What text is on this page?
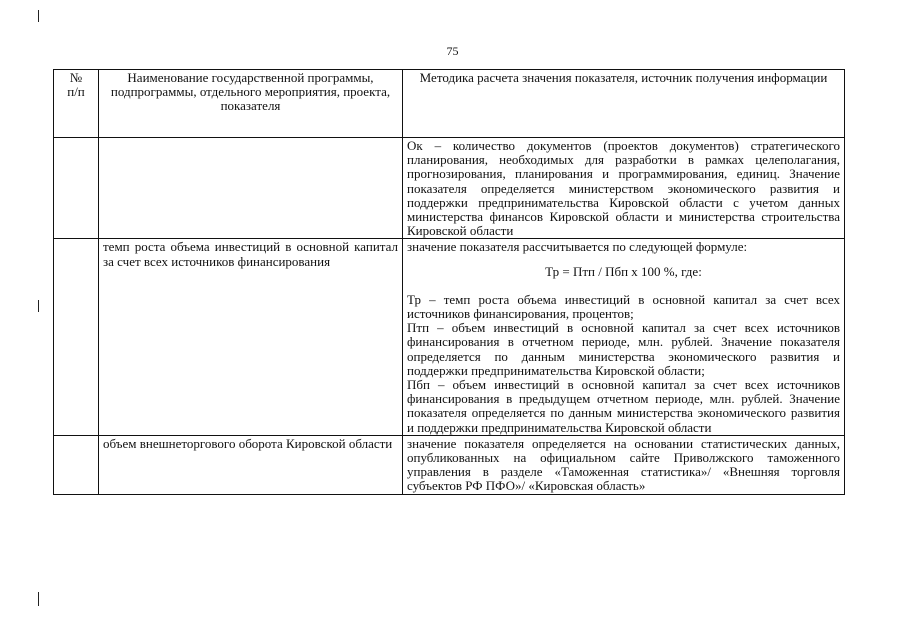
75
№
п/п	Наименование государственной программы, подпрограммы, отдельного мероприятия, проекта, показателя	Методика расчета значения показателя, источник получения информации

		Ок – количество документов (проектов документов) стратегического планирования, необходимых для разработки в рамках целеполагания, прогнозирования, планирования и программирования, единиц. Значение показателя определяется министерством экономического развития и поддержки предпринимательства Кировской области с учетом данных министерства финансов Кировской области и министерства строительства Кировской области

	темп роста объема инвестиций в основной капитал за счет всех источников финансирования	значение показателя рассчитывается по следующей формуле:
Тр = Птп / Пбп х 100 %, где:
Тр – темп роста объема инвестиций в основной капитал за счет всех источников финансирования, процентов;
Птп – объем инвестиций в основной капитал за счет всех источников финансирования в отчетном периоде, млн. рублей. Значение показателя определяется по данным министерства экономического развития и поддержки предпринимательства Кировской области;
Пбп – объем инвестиций в основной капитал за счет всех источников финансирования в предыдущем отчетном периоде, млн. рублей. Значение показателя определяется по данным министерства экономического развития и поддержки предпринимательства Кировской области

	объем внешнеторгового оборота Кировской области	значение показателя определяется на основании статистических данных, опубликованных на официальном сайте Приволжского таможенного управления в разделе «Таможенная статистика»/ «Внешняя торговля субъектов РФ ПФО»/ «Кировская область»
